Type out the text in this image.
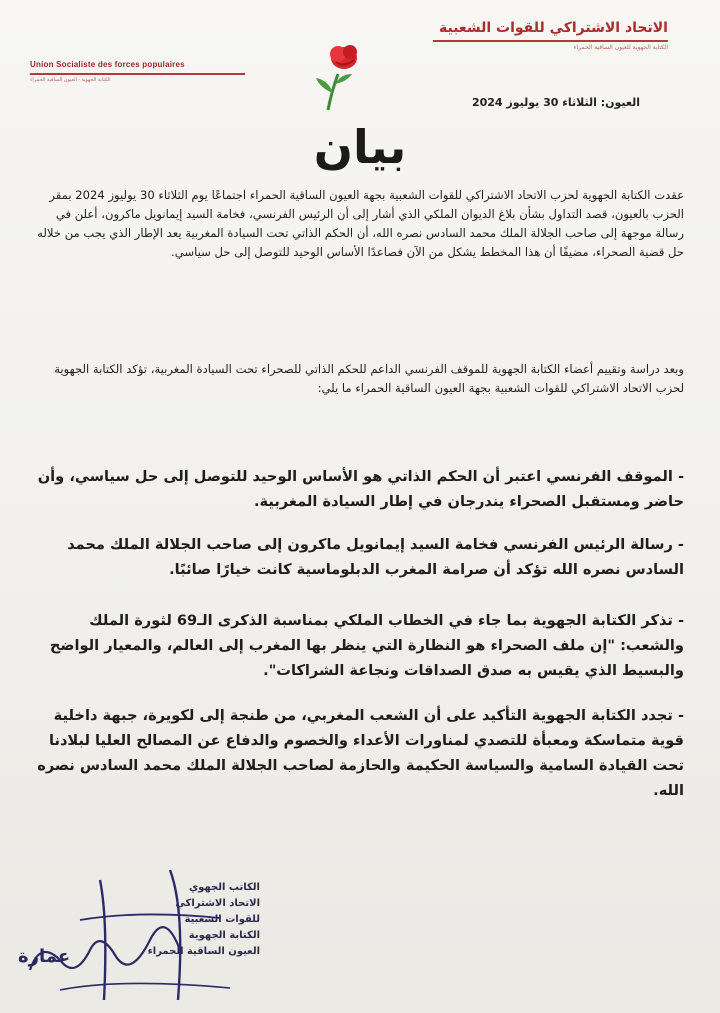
Union Socialiste des forces populaires
الكتابة الجهوية - العيون الساقية الحمراء
الاتحاد الاشتراكي للقوات الشعبية
الكتابة الجهوية للعيون الساقية الحمراء
العيون: الثلاثاء 30 يوليوز 2024
بيان

عقدت الكتابة الجهوية لحزب الاتحاد الاشتراكي للقوات الشعبية بجهة العيون الساقية الحمراء اجتماعًا يوم الثلاثاء 30 يوليوز 2024 بمقر الحزب بالعيون، قصد التداول بشأن بلاغ الديوان الملكي الذي أشار إلى أن الرئيس الفرنسي، فخامة السيد إيمانويل ماكرون، أعلن في رسالة موجهة إلى صاحب الجلالة الملك محمد السادس نصره الله، أن الحكم الذاتي تحت السيادة المغربية يعد الإطار الذي يجب من خلاله حل قضية الصحراء، مضيفًا أن هذا المخطط يشكل من الآن فصاعدًا الأساس الوحيد للتوصل إلى حل سياسي.

وبعد دراسة وتقييم أعضاء الكتابة الجهوية للموقف الفرنسي الداعم للحكم الذاتي للصحراء تحت السيادة المغربية، تؤكد الكتابة الجهوية لحزب الاتحاد الاشتراكي للقوات الشعبية بجهة العيون الساقية الحمراء ما يلي:

- الموقف الفرنسي اعتبر أن الحكم الذاتي هو الأساس الوحيد للتوصل إلى حل سياسي، وأن حاضر ومستقبل الصحراء يندرجان في إطار السيادة المغربية.

- رسالة الرئيس الفرنسي فخامة السيد إيمانويل ماكرون إلى صاحب الجلالة الملك محمد السادس نصره الله تؤكد أن صرامة المغرب الدبلوماسية كانت خيارًا صائبًا.

- تذكر الكتابة الجهوية بما جاء في الخطاب الملكي بمناسبة الذكرى الـ69 لثورة الملك والشعب: "إن ملف الصحراء هو النظارة التي ينظر بها المغرب إلى العالم، والمعيار الواضح والبسيط الذي يقيس به صدق الصداقات ونجاعة الشراكات".

- تجدد الكتابة الجهوية التأكيد على أن الشعب المغربي، من طنجة إلى لكويرة، جبهة داخلية قوية متماسكة ومعبأة للتصدي لمناورات الأعداء والخصوم والدفاع عن المصالح العليا لبلادنا تحت القيادة السامية والسياسة الحكيمة والحازمة لصاحب الجلالة الملك محمد السادس نصره الله.

الكاتب الجهوي
الاتحاد الاشتراكي
للقوات الشعبية
الكتابة الجهوية
العيون الساقية الحمراء
عمارة
